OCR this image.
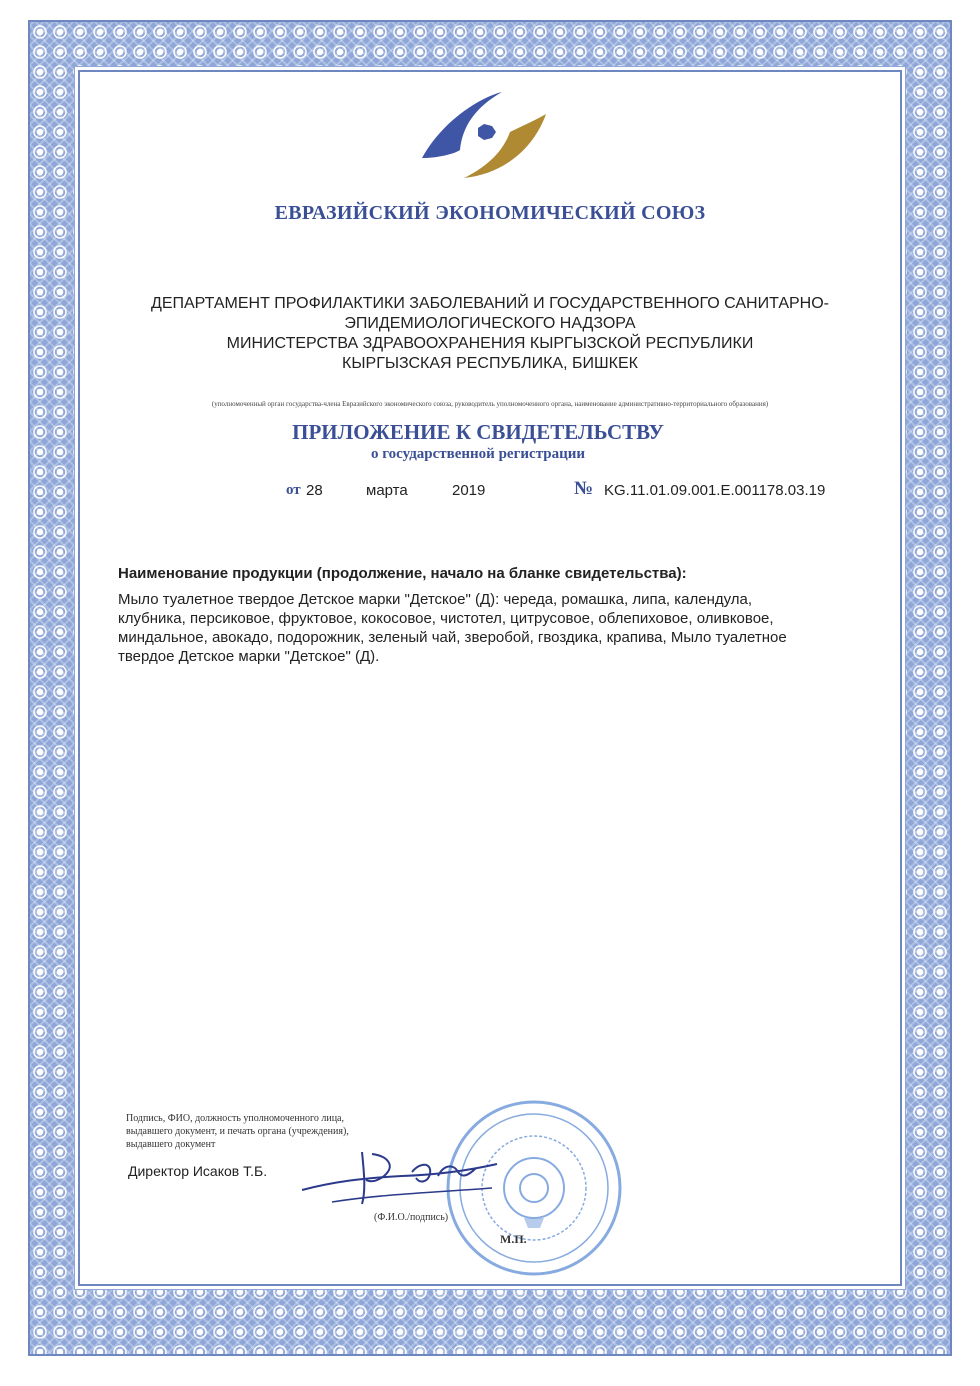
ЕВРАЗИЙСКИЙ ЭКОНОМИЧЕСКИЙ СОЮЗ
ДЕПАРТАМЕНТ ПРОФИЛАКТИКИ ЗАБОЛЕВАНИЙ И ГОСУДАРСТВЕННОГО САНИТАРНО-
ЭПИДЕМИОЛОГИЧЕСКОГО НАДЗОРА
МИНИСТЕРСТВА ЗДРАВООХРАНЕНИЯ КЫРГЫЗСКОЙ РЕСПУБЛИКИ
КЫРГЫЗСКАЯ РЕСПУБЛИКА, БИШКЕК
(уполномоченный орган государства-члена Евразийского экономического союза, руководитель уполномоченного органа, наименование административно-территориального образования)
ПРИЛОЖЕНИЕ К СВИДЕТЕЛЬСТВУ
о государственной регистрации
от 28	марта	2019	№ KG.11.01.09.001.E.001178.03.19
Наименование продукции (продолжение, начало на бланке свидетельства):
Мыло туалетное твердое Детское марки "Детское" (Д): череда, ромашка, липа, календула,
клубника, персиковое, фруктовое, кокосовое, чистотел, цитрусовое, облепиховое, оливковое,
миндальное, авокадо, подорожник, зеленый чай, зверобой, гвоздика, крапива, Мыло туалетное
твердое Детское марки "Детское" (Д).
Подпись, ФИО, должность уполномоченного лица,
выдавшего документ, и печать органа (учреждения),
выдавшего документ
Директор Исаков Т.Б.
(Ф.И.О./подпись)
М.П.
